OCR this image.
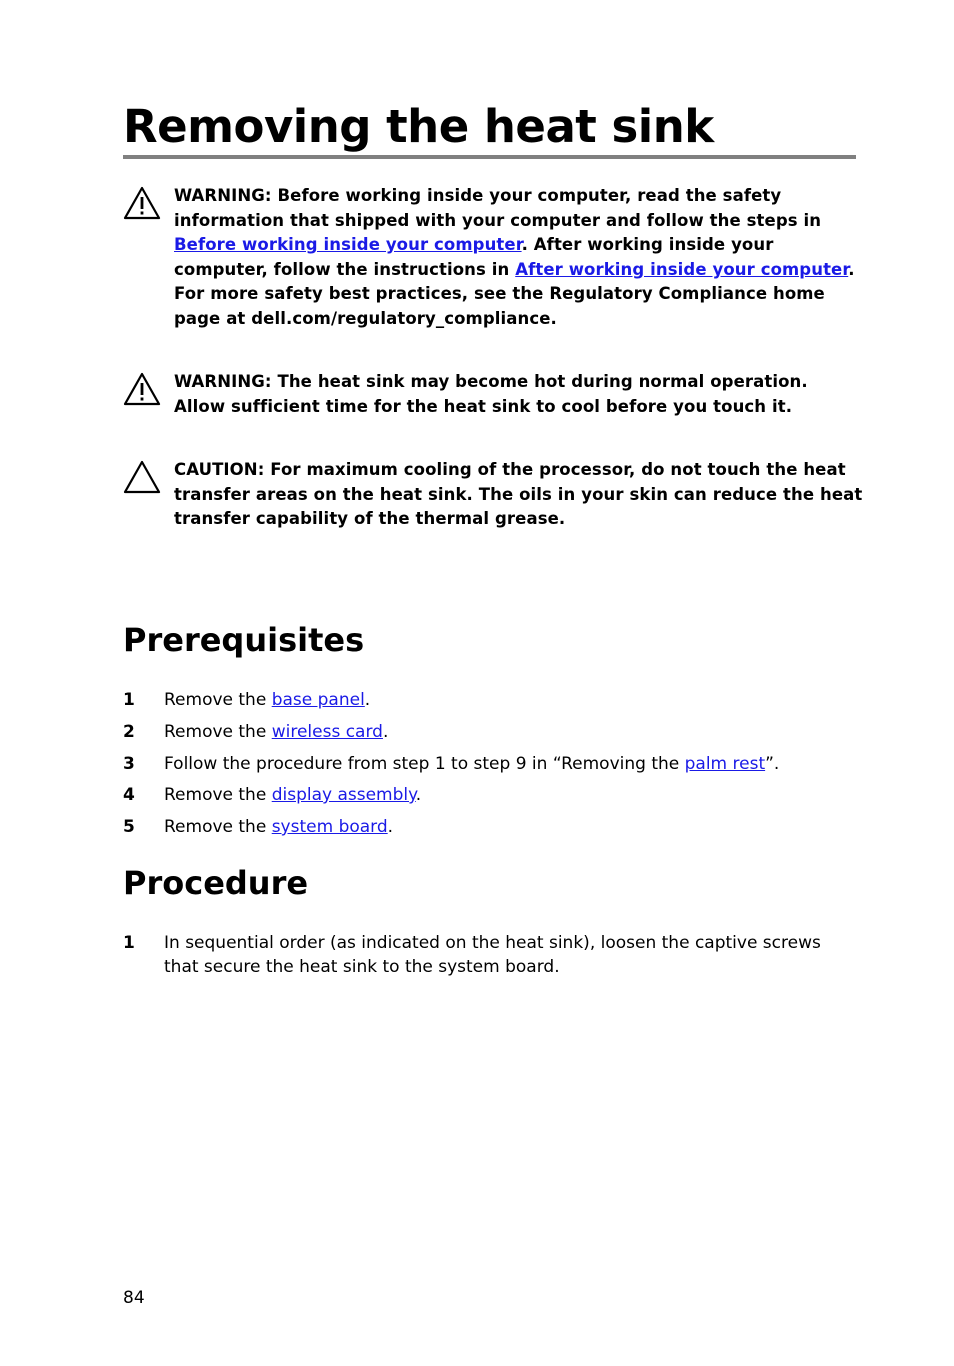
Removing the heat sink
WARNING: Before working inside your computer, read the safety information that shipped with your computer and follow the steps in Before working inside your computer. After working inside your computer, follow the instructions in After working inside your computer. For more safety best practices, see the Regulatory Compliance home page at dell.com/regulatory_compliance.
WARNING: The heat sink may become hot during normal operation. Allow sufficient time for the heat sink to cool before you touch it.
CAUTION: For maximum cooling of the processor, do not touch the heat transfer areas on the heat sink. The oils in your skin can reduce the heat transfer capability of the thermal grease.
Prerequisites
1 Remove the base panel.
2 Remove the wireless card.
3 Follow the procedure from step 1 to step 9 in “Removing the palm rest”.
4 Remove the display assembly.
5 Remove the system board.
Procedure
1 In sequential order (as indicated on the heat sink), loosen the captive screws that secure the heat sink to the system board.
84
